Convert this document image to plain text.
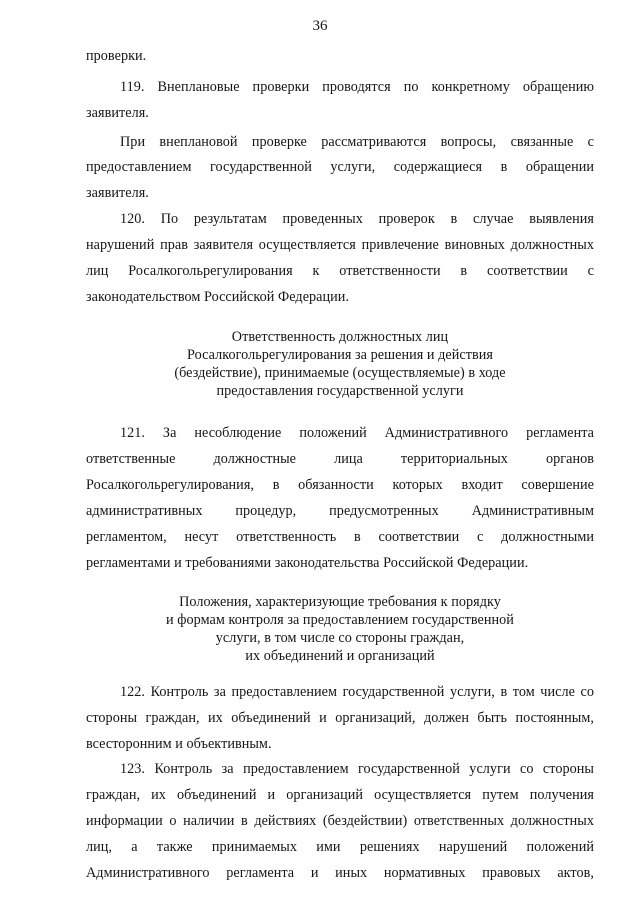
36
проверки.
119. Внеплановые проверки проводятся по конкретному обращению
заявителя.
При внеплановой проверке рассматриваются вопросы, связанные с
предоставлением государственной услуги, содержащиеся в обращении
заявителя.
120. По результатам проведенных проверок в случае выявления
нарушений прав заявителя осуществляется привлечение виновных должностных
лиц Росалкогольрегулирования к ответственности в соответствии с
законодательством Российской Федерации.
Ответственность должностных лиц
Росалкогольрегулирования за решения и действия
(бездействие), принимаемые (осуществляемые) в ходе
предоставления государственной услуги
121. За несоблюдение положений Административного регламента
ответственные должностные лица территориальных органов
Росалкогольрегулирования, в обязанности которых входит совершение
административных процедур, предусмотренных Административным
регламентом, несут ответственность в соответствии с должностными
регламентами и требованиями законодательства Российской Федерации.
Положения, характеризующие требования к порядку
и формам контроля за предоставлением государственной
услуги, в том числе со стороны граждан,
их объединений и организаций
122. Контроль за предоставлением государственной услуги, в том числе со
стороны граждан, их объединений и организаций, должен быть постоянным,
всесторонним и объективным.
123. Контроль за предоставлением государственной услуги со стороны
граждан, их объединений и организаций осуществляется путем получения
информации о наличии в действиях (бездействии) ответственных должностных
лиц, а также принимаемых ими решениях нарушений положений
Административного регламента и иных нормативных правовых актов,
